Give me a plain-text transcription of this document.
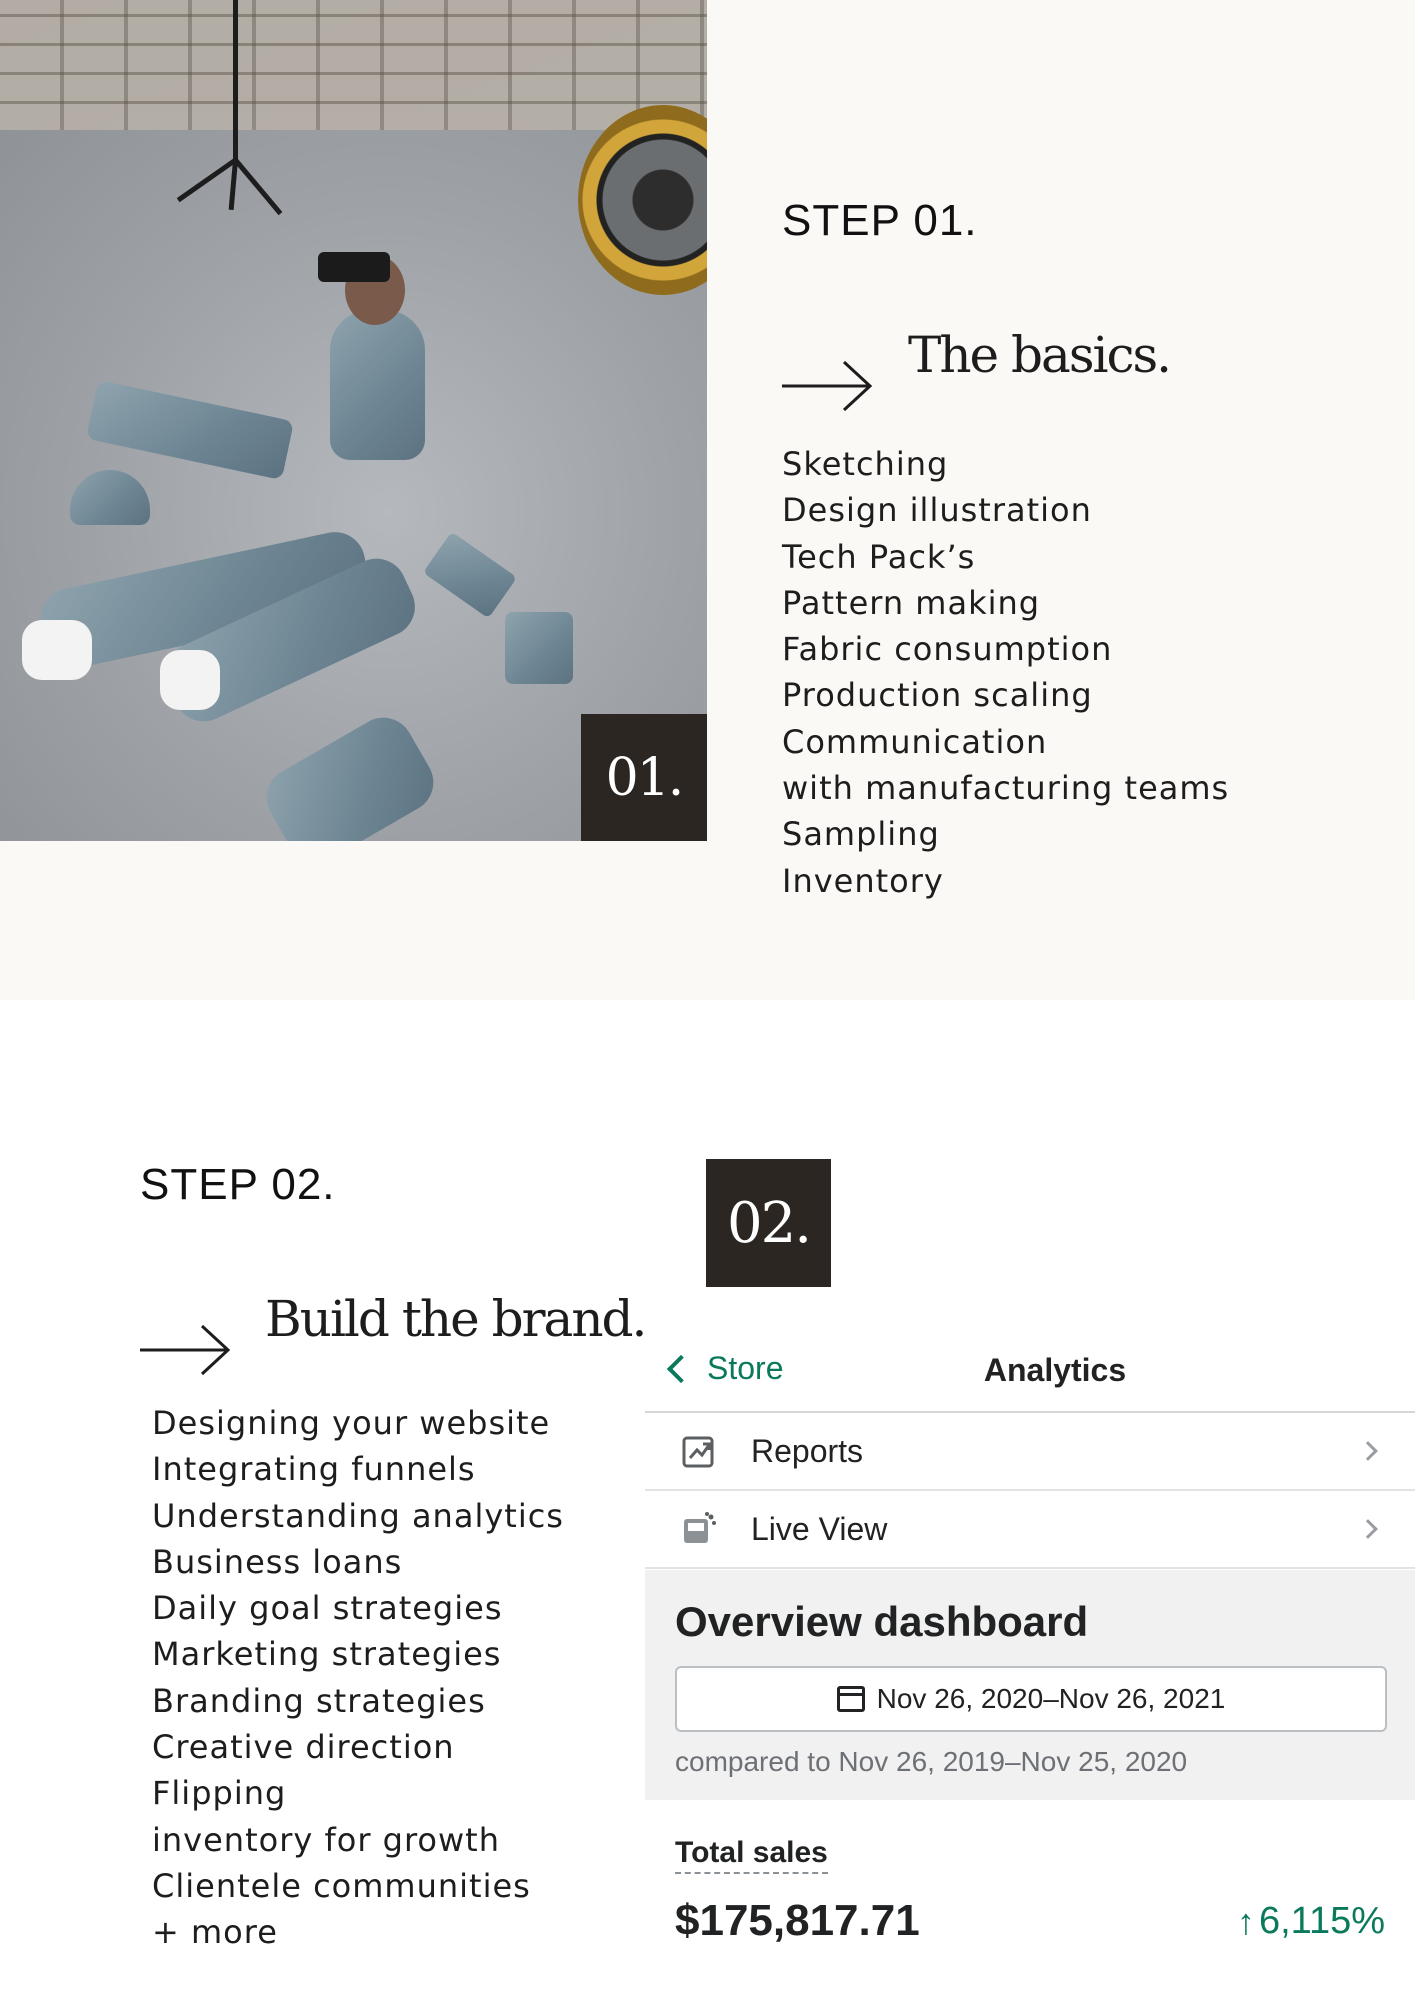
01.
STEP 01.
The basics.
Sketching
Design illustration
Tech Pack’s
Pattern making
Fabric consumption
Production scaling
Communication
with manufacturing teams
Sampling
Inventory
STEP 02.
Build the brand.
Designing your website
Integrating funnels
Understanding analytics
Business loans
Daily goal strategies
Marketing strategies
Branding strategies
Creative direction
Flipping
inventory for growth
Clientele communities
+ more
02.
Store	Analytics
Reports
Live View
Overview dashboard
Nov 26, 2020–Nov 26, 2021
compared to Nov 26, 2019–Nov 25, 2020
Total sales
$175,817.71	↑ 6,115%
